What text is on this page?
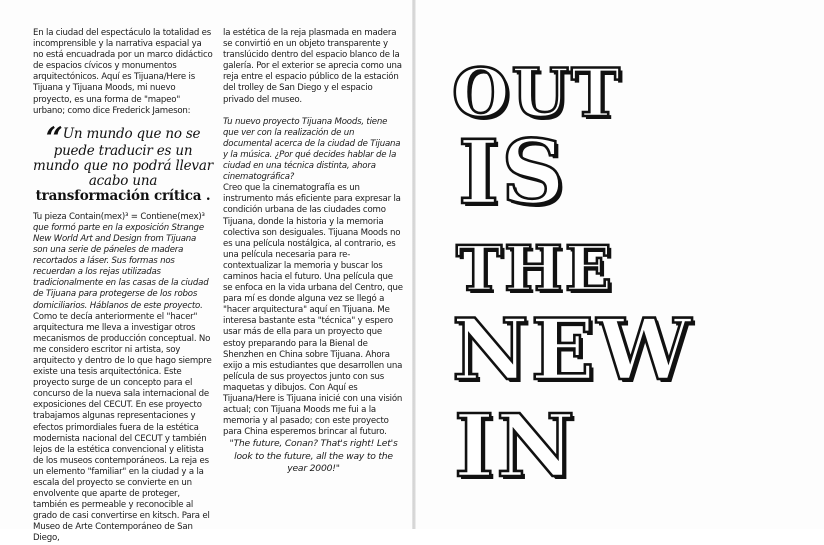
En la ciudad del espectáculo la totalidad es incomprensible y la narrativa espacial ya no está encuadrada por un marco didáctico de espacios cívicos y monumentos arquitectónicos. Aquí es Tijuana/Here is Tijuana y Tijuana Moods, mi nuevo proyecto, es una forma de "mapeo" urbano; como dice Frederick Jameson:

“Un mundo que no se puede traducir es un mundo que no podrá llevar acabo una
transformación crítica .

Tu pieza Contain(mex)³ = Contiene(mex)³ que formó parte en la exposición Strange New World Art and Design from Tijuana son una serie de páneles de madera recortados a láser. Sus formas nos recuerdan a los rejas utilizadas tradicionalmente en las casas de la ciudad de Tijuana para protegerse de los robos domiciliarios. Háblanos de este proyecto.

Como te decía anteriormente el "hacer" arquitectura me lleva a investigar otros mecanismos de producción conceptual. No me considero escritor ni artista, soy arquitecto y dentro de lo que hago siempre existe una tesis arquitectónica. Este proyecto surge de un concepto para el concurso de la nueva sala internacional de exposiciones del CECUT. En ese proyecto trabajamos algunas representaciones y efectos primordiales fuera de la estética modernista nacional del CECUT y también lejos de la estética convencional y elitista de los museos contemporáneos. La reja es un elemento "familiar" en la ciudad y a la escala del proyecto se convierte en un envolvente que aparte de proteger, también es permeable y reconocible al grado de casi convertirse en kitsch. Para el Museo de Arte Contemporáneo de San Diego,

la estética de la reja plasmada en madera se convirtió en un objeto transparente y translúcido dentro del espacio blanco de la galería. Por el exterior se aprecia como una reja entre el espacio público de la estación del trolley de San Diego y el espacio privado del museo.

Tu nuevo proyecto Tijuana Moods, tiene que ver con la realización de un documental acerca de la ciudad de Tijuana y la música. ¿Por qué decides hablar de la ciudad en una técnica distinta, ahora cinematográfica?

Creo que la cinematografía es un instrumento más eficiente para expresar la condición urbana de las ciudades como Tijuana, donde la historia y la memoria colectiva son desiguales. Tijuana Moods no es una película nostálgica, al contrario, es una película necesaria para re-contextualizar la memoria y buscar los caminos hacia el futuro. Una película que se enfoca en la vida urbana del Centro, que para mí es donde alguna vez se llegó a "hacer arquitectura" aquí en Tijuana. Me interesa bastante esta "técnica" y espero usar más de ella para un proyecto que estoy preparando para la Bienal de Shenzhen en China sobre Tijuana. Ahora exijo a mis estudiantes que desarrollen una película de sus proyectos junto con sus maquetas y dibujos. Con Aquí es Tijuana/Here is Tijuana inicié con una visión actual; con Tijuana Moods me fui a la memoria y al pasado; con este proyecto para China esperemos brincar al futuro.

"The future, Conan? That's right! Let's look to the future, all the way to the year 2000!"

OUT
IS
THE
NEW
IN
